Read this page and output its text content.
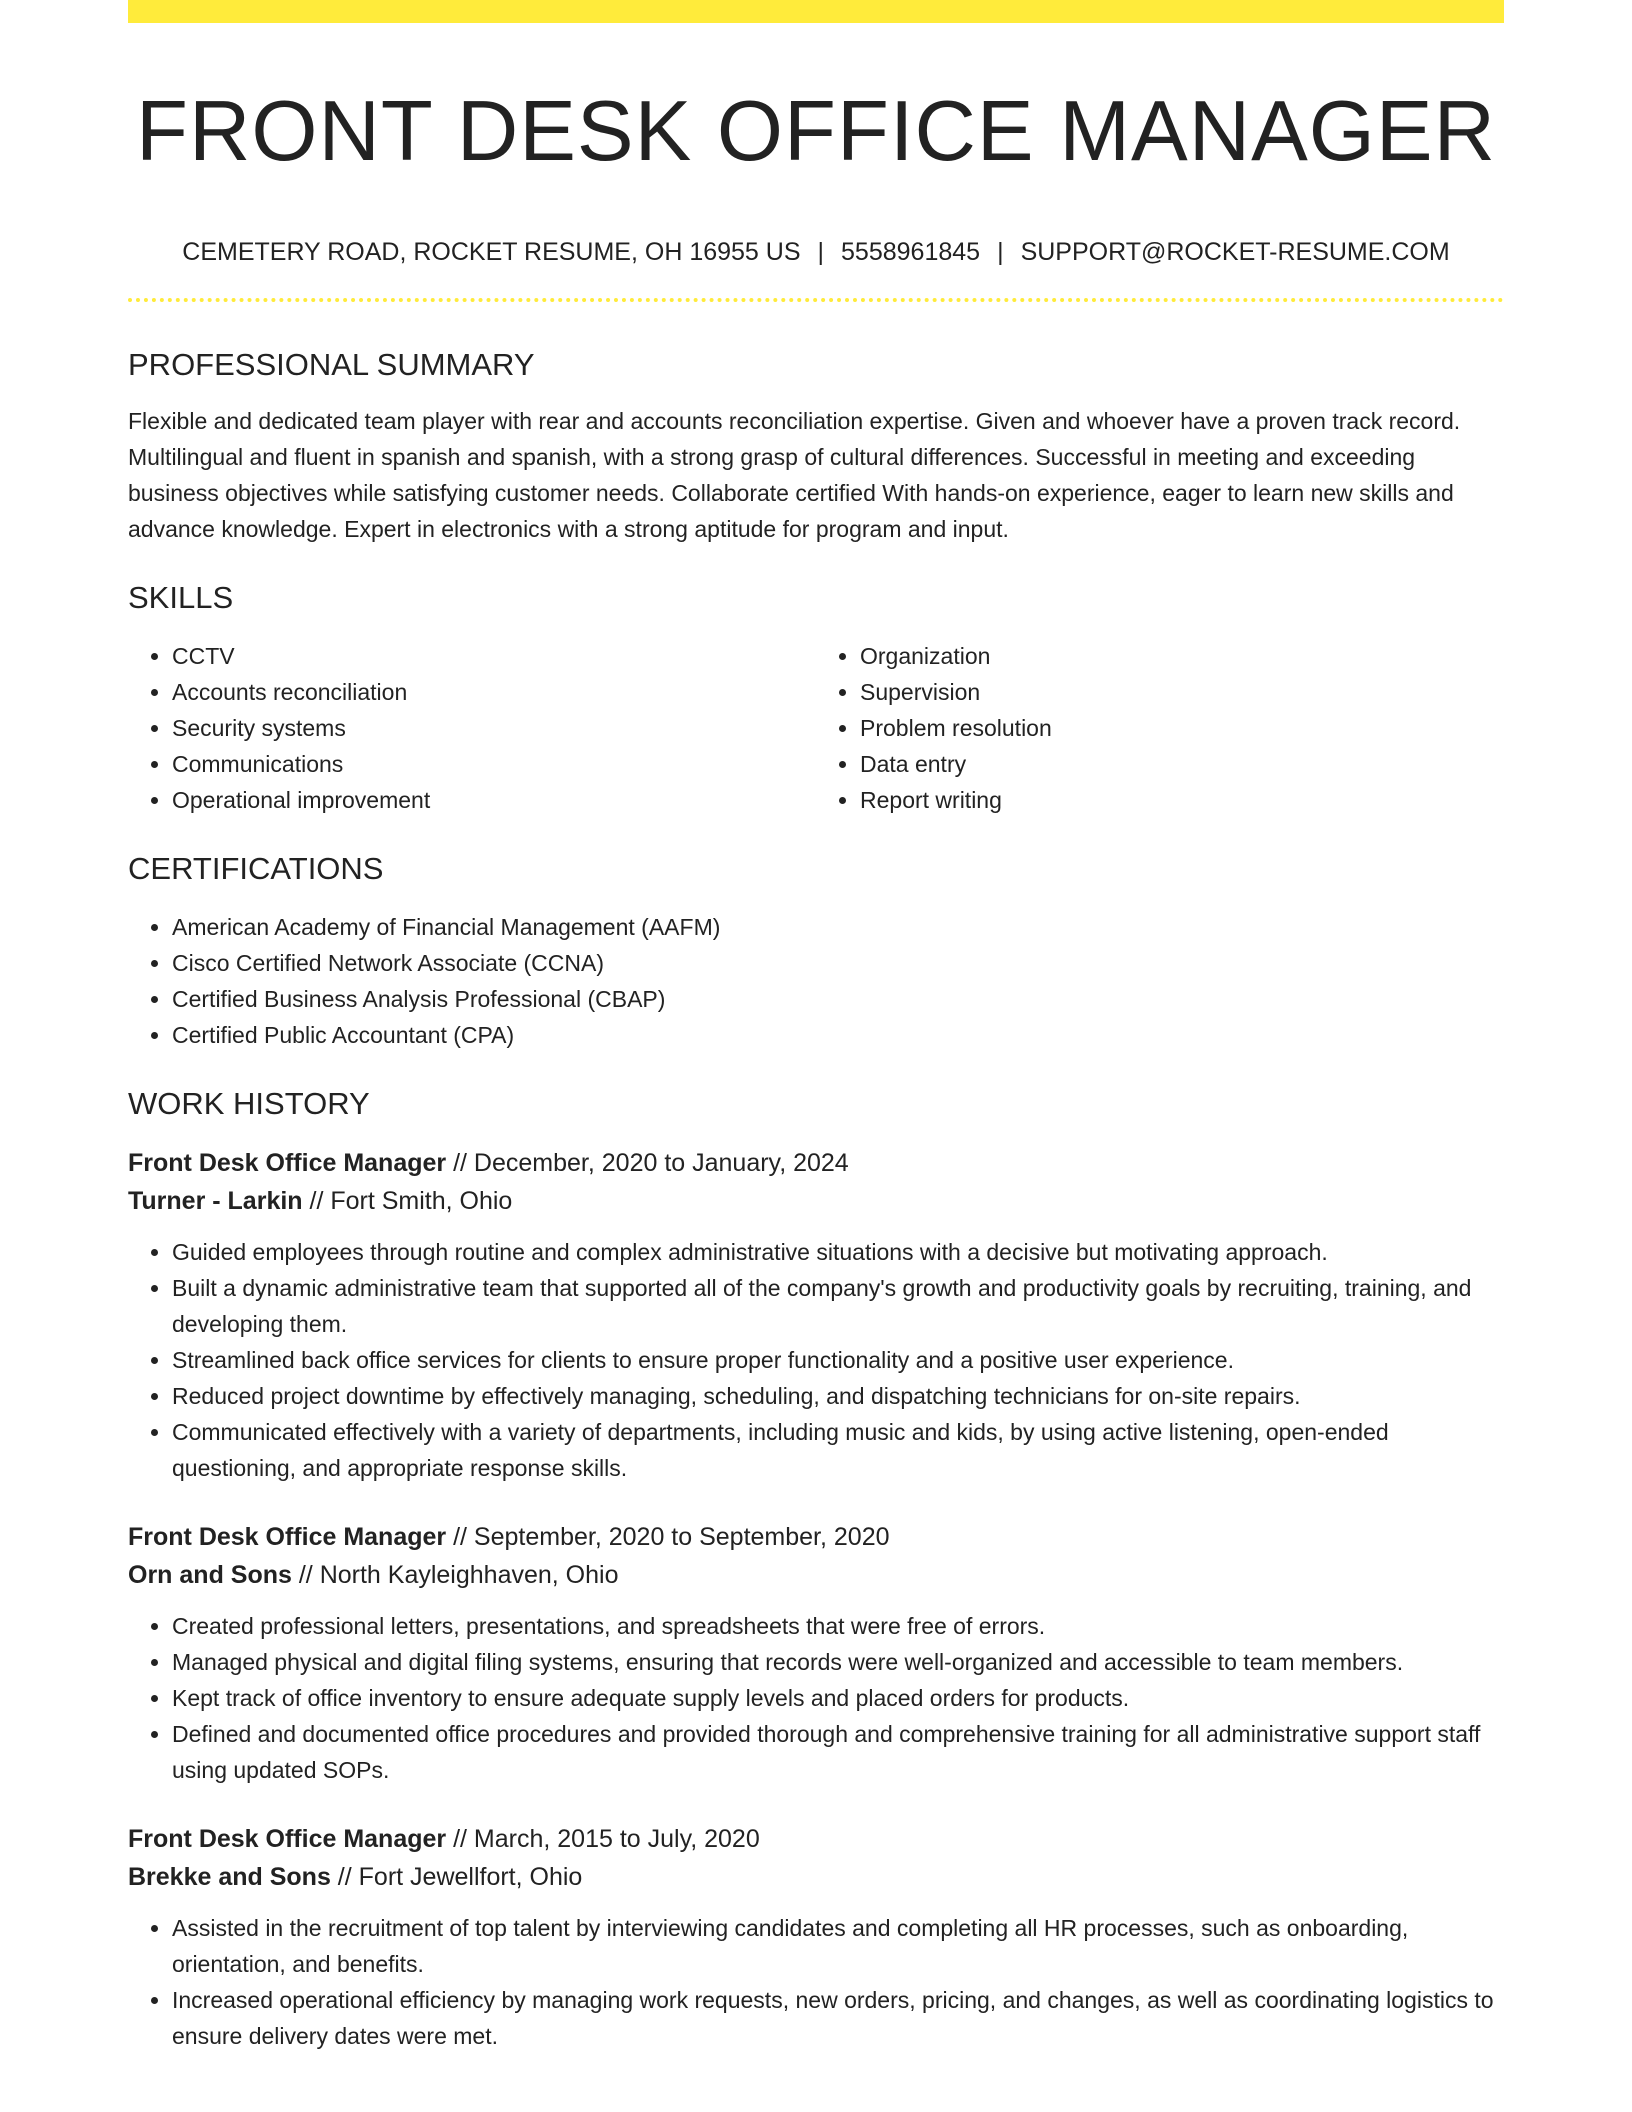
FRONT DESK OFFICE MANAGER
CEMETERY ROAD, ROCKET RESUME, OH 16955 US | 5558961845 | SUPPORT@ROCKET-RESUME.COM
PROFESSIONAL SUMMARY

Flexible and dedicated team player with rear and accounts reconciliation expertise. Given and whoever have a proven track record. Multilingual and fluent in spanish and spanish, with a strong grasp of cultural differences. Successful in meeting and exceeding business objectives while satisfying customer needs. Collaborate certified With hands-on experience, eager to learn new skills and advance knowledge. Expert in electronics with a strong aptitude for program and input.

SKILLS
• CCTV
• Accounts reconciliation
• Security systems
• Communications
• Operational improvement
• Organization
• Supervision
• Problem resolution
• Data entry
• Report writing
CERTIFICATIONS
• American Academy of Financial Management (AAFM)
• Cisco Certified Network Associate (CCNA)
• Certified Business Analysis Professional (CBAP)
• Certified Public Accountant (CPA)
WORK HISTORY
Front Desk Office Manager // December, 2020 to January, 2024
Turner - Larkin // Fort Smith, Ohio
• Guided employees through routine and complex administrative situations with a decisive but motivating approach.
• Built a dynamic administrative team that supported all of the company's growth and productivity goals by recruiting, training, and developing them.
• Streamlined back office services for clients to ensure proper functionality and a positive user experience.
• Reduced project downtime by effectively managing, scheduling, and dispatching technicians for on-site repairs.
• Communicated effectively with a variety of departments, including music and kids, by using active listening, open-ended questioning, and appropriate response skills.
Front Desk Office Manager // September, 2020 to September, 2020
Orn and Sons // North Kayleighhaven, Ohio
• Created professional letters, presentations, and spreadsheets that were free of errors.
• Managed physical and digital filing systems, ensuring that records were well-organized and accessible to team members.
• Kept track of office inventory to ensure adequate supply levels and placed orders for products.
• Defined and documented office procedures and provided thorough and comprehensive training for all administrative support staff using updated SOPs.
Front Desk Office Manager // March, 2015 to July, 2020
Brekke and Sons // Fort Jewellfort, Ohio
• Assisted in the recruitment of top talent by interviewing candidates and completing all HR processes, such as onboarding, orientation, and benefits.
• Increased operational efficiency by managing work requests, new orders, pricing, and changes, as well as coordinating logistics to ensure delivery dates were met.
